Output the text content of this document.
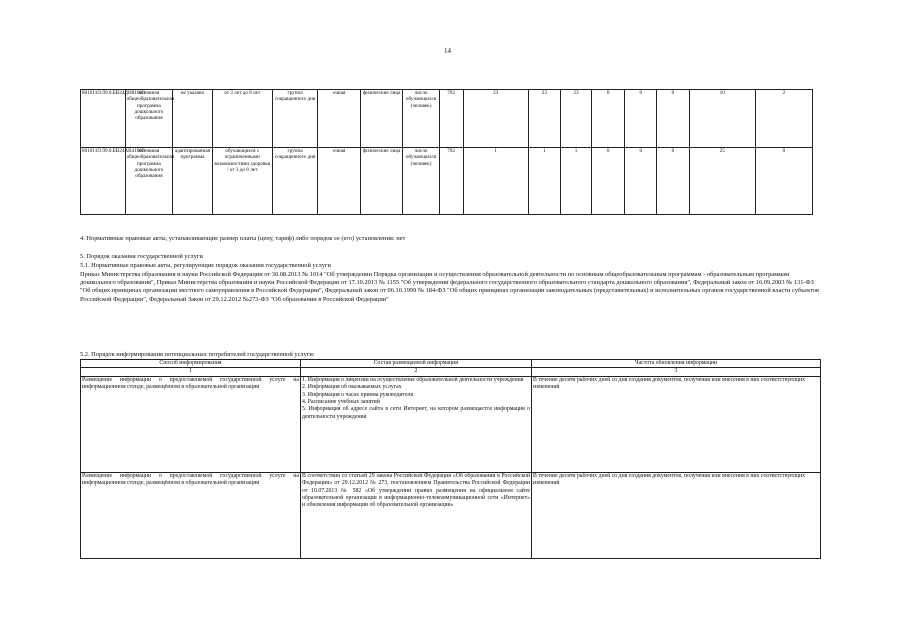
14
801011О.99.0.БВ24ДН81000	основная общеобразовательная программа дошкольного образования	не указано	от 3 лет до 8 лет	группа сокращенного дня	очная	физические лица	число обучающихся (человек)	792	23	23	23	0	0	0	10	2
801011О.99.0.БВ24АВ41000	основная общеобразовательная программа дошкольного образования	адаптированная программа	обучающиеся с ограниченными возможностями здоровья / от 3 до 8 лет	группа сокращенного дня	очная	физические лица	число обучающихся (человек)	792	1	1	1	0	0	0	25	0
4. Нормативные правовые акты, устанавливающие размер платы (цену, тариф) либо порядок ее (его) установления: нет
5. Порядок оказания государственной услуги
5.1. Нормативные правовые акты, регулирующие порядок оказания государственной услуги
Приказ Министерства образования и науки Российской Федерации от 30.08.2013 № 1014 "Об утверждении Порядка организации и осуществления образовательной деятельности по основным общеобразовательным программам - образовательным программам дошкольного образования", Приказ Министерства образования и науки Российской Федерации от 17.10.2013 № 1155 "Об утверждении федерального государственного образовательного стандарта дошкольного образования", Федеральный закон от 16.09.2003 № 131-ФЗ "Об общих принципах организации местного самоуправления в Российской Федерации", Федеральный закон от 06.10.1999 № 184-ФЗ "Об общих принципах организации законодательных (представительных) и исполнительных органов государственной власти субъектов Российской Федерации", Федеральный Закон от 29.12.2012 №273-ФЗ "Об образовании в Российской Федерации"
5.2. Порядок информирования потенциальных потребителей государственной услуги:
Способ информирования	Состав размещаемой информации	Частота обновления информации
1	2	3
Размещение информации о предоставляемой государственной услуге на информационном стенде, размещённом в образовательной организации	1. Информация о лицензии на осуществление образовательной деятельности учреждения
2. Информация об оказываемых услугах
3. Информация о часах приема руководителя
4. Расписание учебных занятий
5. Информация об адресе сайта в сети Интернет, на котором размещается информация о деятельности учреждения	В течение десяти рабочих дней со дня создания документов, получения или внесения в них соответствующих изменений
Размещение информации о предоставляемой государственной услуге на информационном стенде, размещённом в образовательной организации	В соответствии со статьей 29 закона Российской Федерации «Об образовании в Российской Федерации» от 29.12.2012 № 273, постановлением Правительства Российской Федерации от 10.07.2013 № 582 «Об утверждении правил размещения на официальном сайте образовательной организации в информационно-телекоммуникационной сети «Интернет» и обновления информации об образовательной организации»	В течение десяти рабочих дней со дня создания документов, получения или внесения в них соответствующих изменений
